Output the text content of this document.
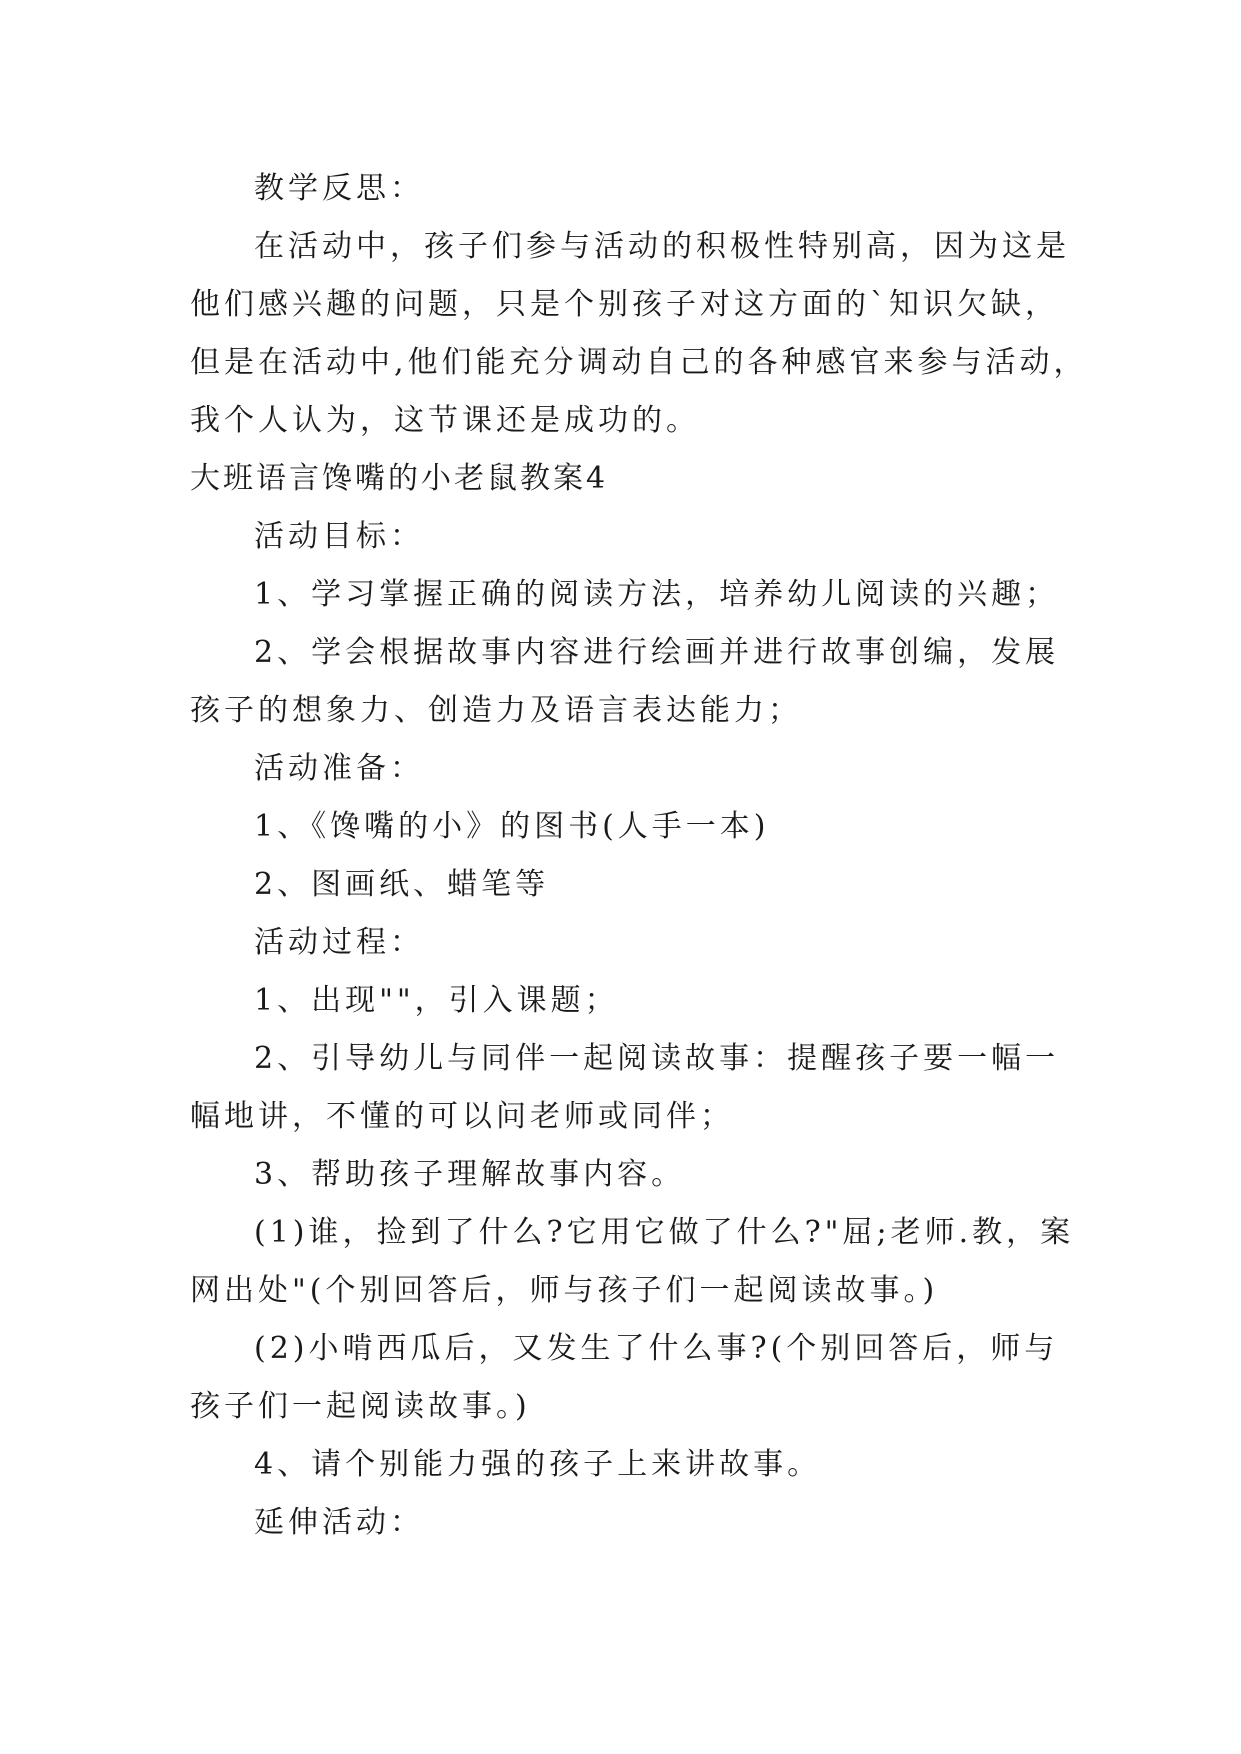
教学反思：

在活动中，孩子们参与活动的积极性特别高，因为这是

他们感兴趣的问题，只是个别孩子对这方面的`知识欠缺，

但是在活动中,他们能充分调动自己的各种感官来参与活动，

我个人认为，这节课还是成功的。

大班语言馋嘴的小老鼠教案4

活动目标：

1、学习掌握正确的阅读方法，培养幼儿阅读的兴趣；

2、学会根据故事内容进行绘画并进行故事创编，发展

孩子的想象力、创造力及语言表达能力；

活动准备：

1、《馋嘴的小》的图书(人手一本)

2、图画纸、蜡笔等

活动过程：

1、出现""，引入课题；

2、引导幼儿与同伴一起阅读故事：提醒孩子要一幅一

幅地讲，不懂的可以问老师或同伴；

3、帮助孩子理解故事内容。

(1)谁，捡到了什么?它用它做了什么?"屈;老师.教，案

网出处"(个别回答后，师与孩子们一起阅读故事。)

(2)小啃西瓜后，又发生了什么事?(个别回答后，师与

孩子们一起阅读故事。)

4、请个别能力强的孩子上来讲故事。

延伸活动：
